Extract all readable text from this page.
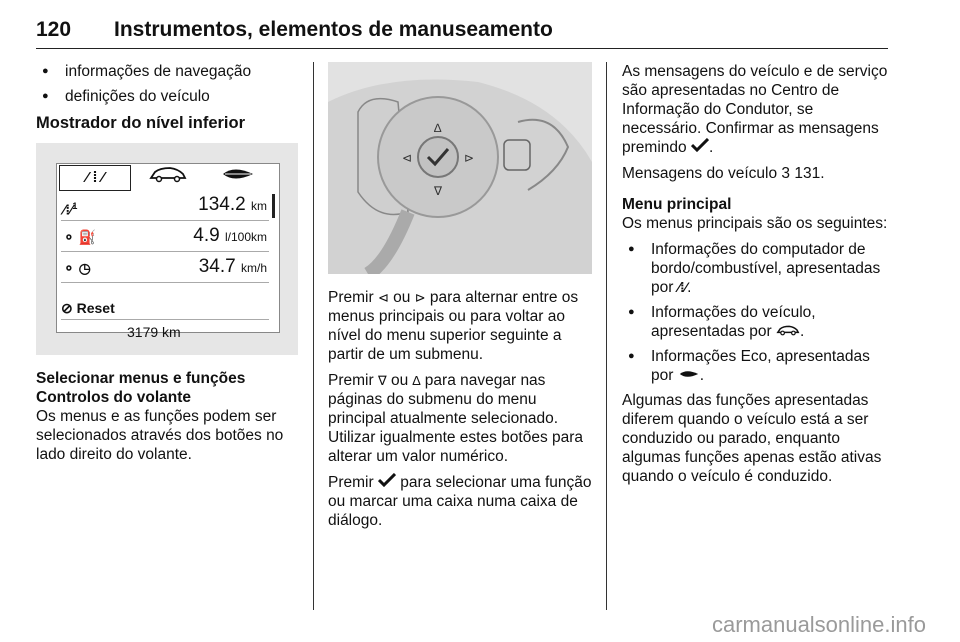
120 Instrumentos, elementos de manuseamento
● informações de navegação
● definições do veículo
Mostrador do nível inferior
⁄ ⁞ ⁄
⁄⁞⁄$^1$	134.2 km
⚬ ⛽	4.9 l/100km
⚬ ◷	34.7 km/h
⊘ Reset
3179 km
Selecionar menus e funções
Controlos do volante

Os menus e as funções podem ser selecionados através dos botões no lado direito do volante.

∆
∇
⊲	⊳

Premir ⊲ ou ⊳ para alternar entre os menus principais ou para voltar ao nível do menu superior seguinte a partir de um submenu.

Premir ∇ ou ∆ para navegar nas páginas do submenu do menu principal atualmente selecionado. Utilizar igualmente estes botões para alterar um valor numérico.

Premir  para selecionar uma função ou marcar uma caixa numa caixa de diálogo.

As mensagens do veículo e de serviço são apresentadas no Centro de Informação do Condutor, se necessário. Confirmar as mensagens premindo .

Mensagens do veículo 3 131.

Menu principal

Os menus principais são os seguintes:

● Informações do computador de bordo/combustível, apresentadas por ⁄⁞⁄.
● Informações do veículo, apresentadas por .
● Informações Eco, apresentadas por .

Algumas das funções apresentadas diferem quando o veículo está a ser conduzido ou parado, enquanto algumas funções apenas estão ativas quando o veículo é conduzido.

carmanualsonline.info
